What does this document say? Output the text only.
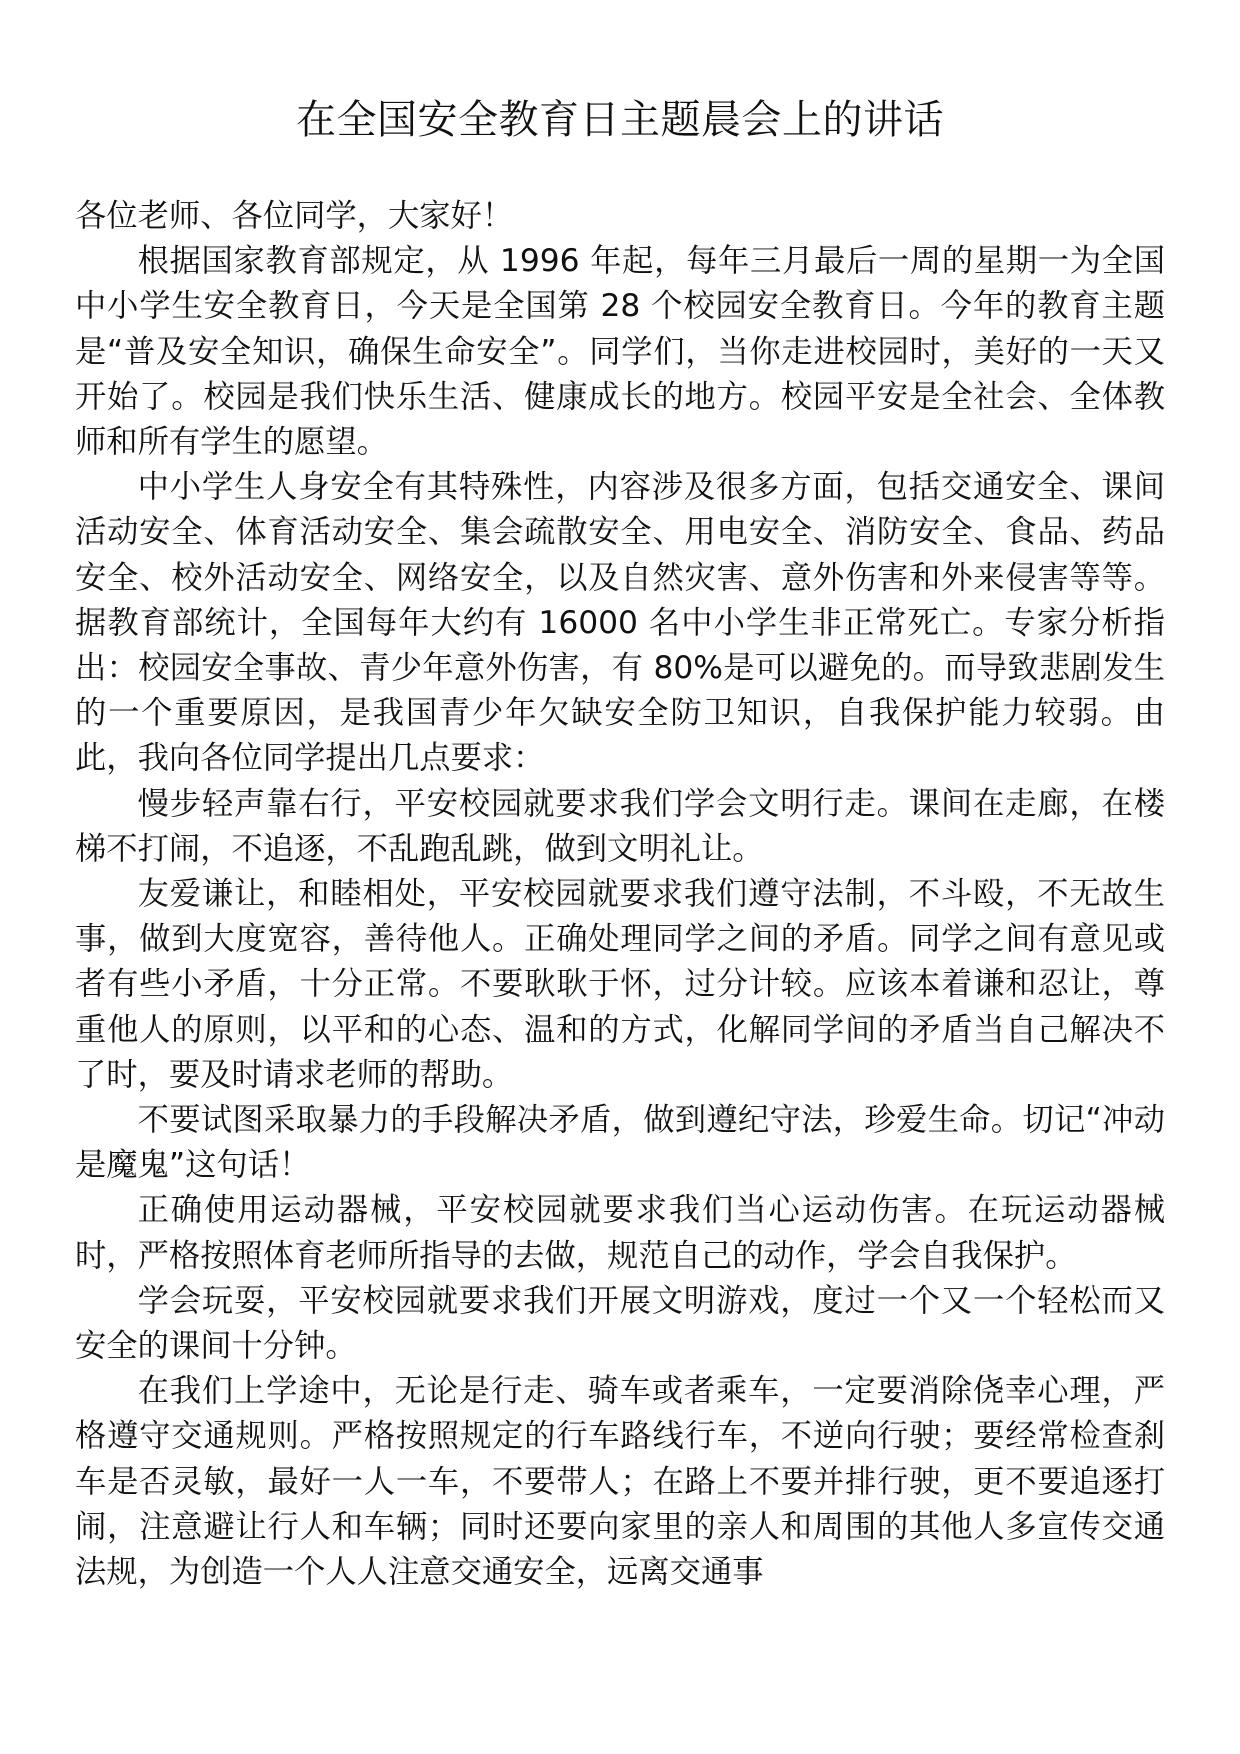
在全国安全教育日主题晨会上的讲话

各位老师、各位同学，大家好！

根据国家教育部规定，从 1996 年起，每年三月最后一周的星期一为全国中小学生安全教育日，今天是全国第 28 个校园安全教育日。今年的教育主题是“普及安全知识，确保生命安全”。同学们，当你走进校园时，美好的一天又开始了。校园是我们快乐生活、健康成长的地方。校园平安是全社会、全体教师和所有学生的愿望。

中小学生人身安全有其特殊性，内容涉及很多方面，包括交通安全、课间活动安全、体育活动安全、集会疏散安全、用电安全、消防安全、食品、药品安全、校外活动安全、网络安全，以及自然灾害、意外伤害和外来侵害等等。据教育部统计，全国每年大约有 16000 名中小学生非正常死亡。专家分析指出：校园安全事故、青少年意外伤害，有 80%是可以避免的。而导致悲剧发生的一个重要原因，是我国青少年欠缺安全防卫知识，自我保护能力较弱。由此，我向各位同学提出几点要求：

慢步轻声靠右行，平安校园就要求我们学会文明行走。课间在走廊，在楼梯不打闹，不追逐，不乱跑乱跳，做到文明礼让。

友爱谦让，和睦相处，平安校园就要求我们遵守法制，不斗殴，不无故生事，做到大度宽容，善待他人。正确处理同学之间的矛盾。同学之间有意见或者有些小矛盾，十分正常。不要耿耿于怀，过分计较。应该本着谦和忍让，尊重他人的原则，以平和的心态、温和的方式，化解同学间的矛盾当自己解决不了时，要及时请求老师的帮助。

不要试图采取暴力的手段解决矛盾，做到遵纪守法，珍爱生命。切记“冲动是魔鬼”这句话！

正确使用运动器械，平安校园就要求我们当心运动伤害。在玩运动器械时，严格按照体育老师所指导的去做，规范自己的动作，学会自我保护。

学会玩耍，平安校园就要求我们开展文明游戏，度过一个又一个轻松而又安全的课间十分钟。

在我们上学途中，无论是行走、骑车或者乘车，一定要消除侥幸心理，严格遵守交通规则。严格按照规定的行车路线行车，不逆向行驶；要经常检查刹车是否灵敏，最好一人一车，不要带人；在路上不要并排行驶，更不要追逐打闹，注意避让行人和车辆；同时还要向家里的亲人和周围的其他人多宣传交通法规，为创造一个人人注意交通安全，远离交通事
